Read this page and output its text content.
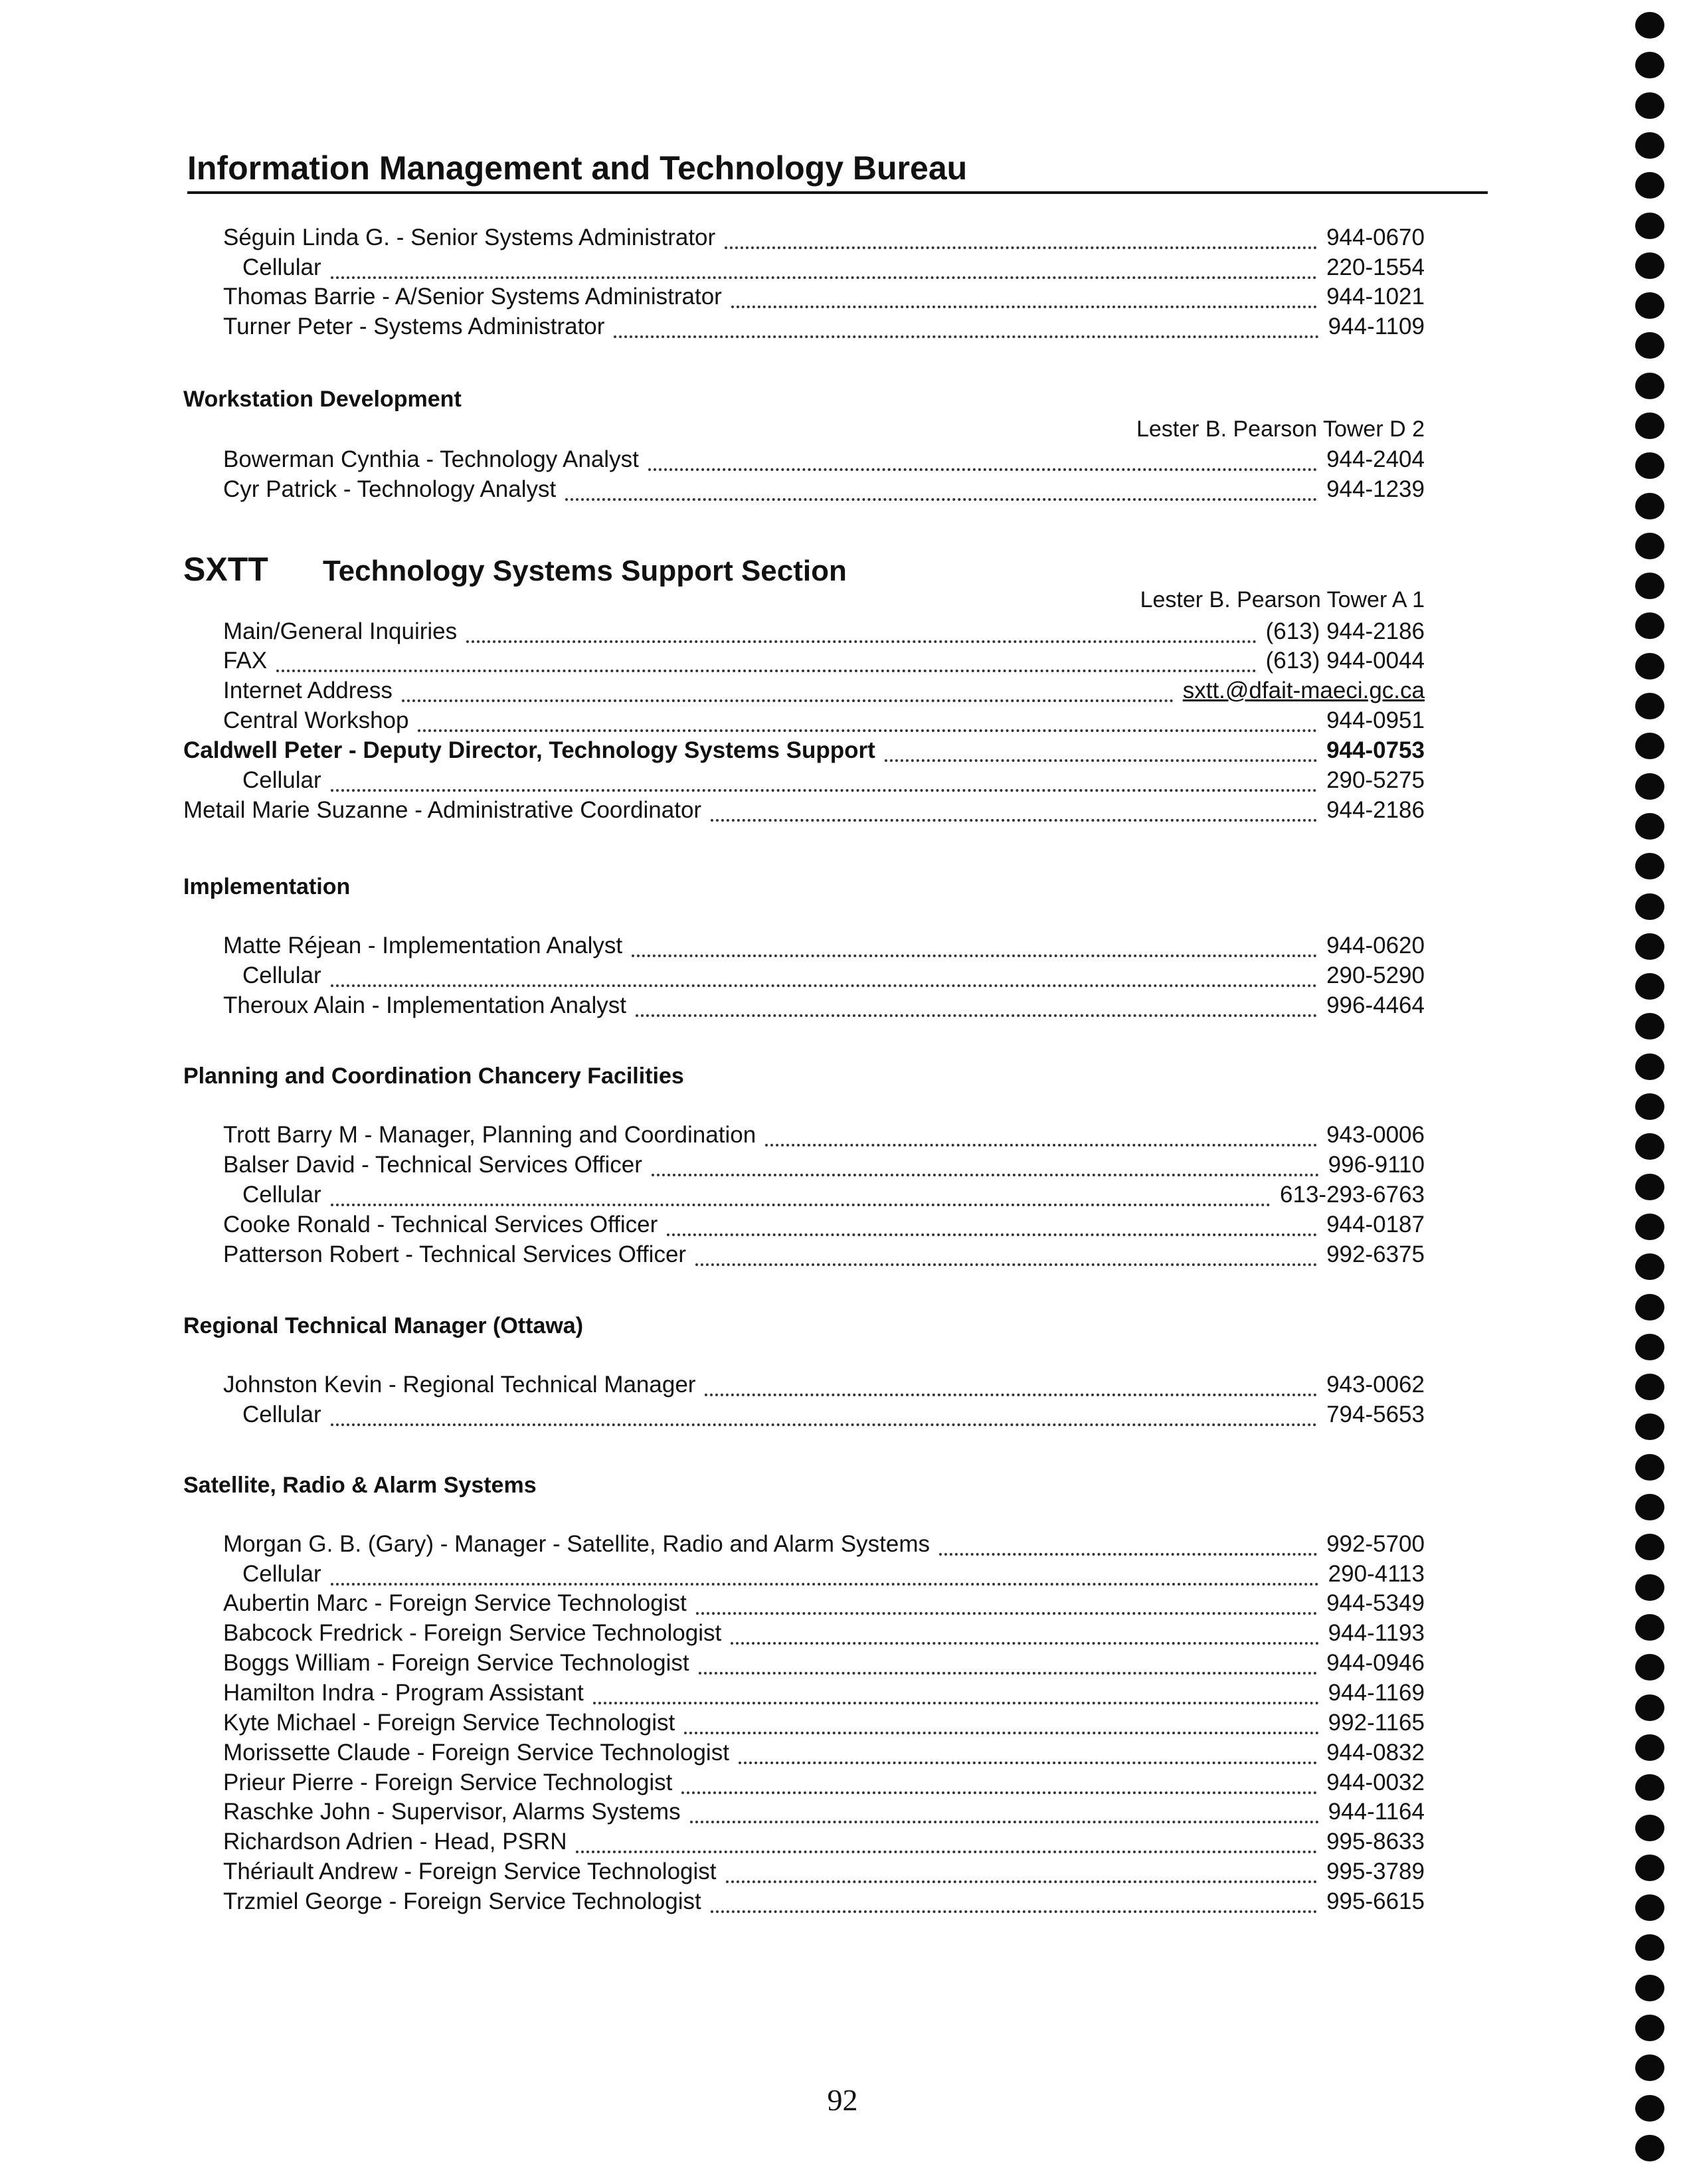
Information Management and Technology Bureau
Séguin Linda G. - Senior Systems Administrator	944-0670
Cellular	220-1554
Thomas Barrie - A/Senior Systems Administrator	944-1021
Turner Peter - Systems Administrator	944-1109
Workstation Development
Lester B. Pearson Tower D 2
Bowerman Cynthia - Technology Analyst	944-2404
Cyr Patrick - Technology Analyst	944-1239
SXTT Technology Systems Support Section
Lester B. Pearson Tower A 1
Main/General Inquiries	(613) 944-2186
FAX	(613) 944-0044
Internet Address	sxtt.@dfait-maeci.gc.ca
Central Workshop	944-0951
Caldwell Peter - Deputy Director, Technology Systems Support	944-0753
Cellular	290-5275
Metail Marie Suzanne - Administrative Coordinator	944-2186
Implementation
Matte Réjean - Implementation Analyst	944-0620
Cellular	290-5290
Theroux Alain - Implementation Analyst	996-4464
Planning and Coordination Chancery Facilities
Trott Barry M - Manager, Planning and Coordination	943-0006
Balser David - Technical Services Officer	996-9110
Cellular	613-293-6763
Cooke Ronald - Technical Services Officer	944-0187
Patterson Robert - Technical Services Officer	992-6375
Regional Technical Manager (Ottawa)
Johnston Kevin - Regional Technical Manager	943-0062
Cellular	794-5653
Satellite, Radio & Alarm Systems
Morgan G. B. (Gary) - Manager - Satellite, Radio and Alarm Systems	992-5700
Cellular	290-4113
Aubertin Marc - Foreign Service Technologist	944-5349
Babcock Fredrick - Foreign Service Technologist	944-1193
Boggs William - Foreign Service Technologist	944-0946
Hamilton Indra - Program Assistant	944-1169
Kyte Michael - Foreign Service Technologist	992-1165
Morissette Claude - Foreign Service Technologist	944-0832
Prieur Pierre - Foreign Service Technologist	944-0032
Raschke John - Supervisor, Alarms Systems	944-1164
Richardson Adrien - Head, PSRN	995-8633
Thériault Andrew - Foreign Service Technologist	995-3789
Trzmiel George - Foreign Service Technologist	995-6615
92
